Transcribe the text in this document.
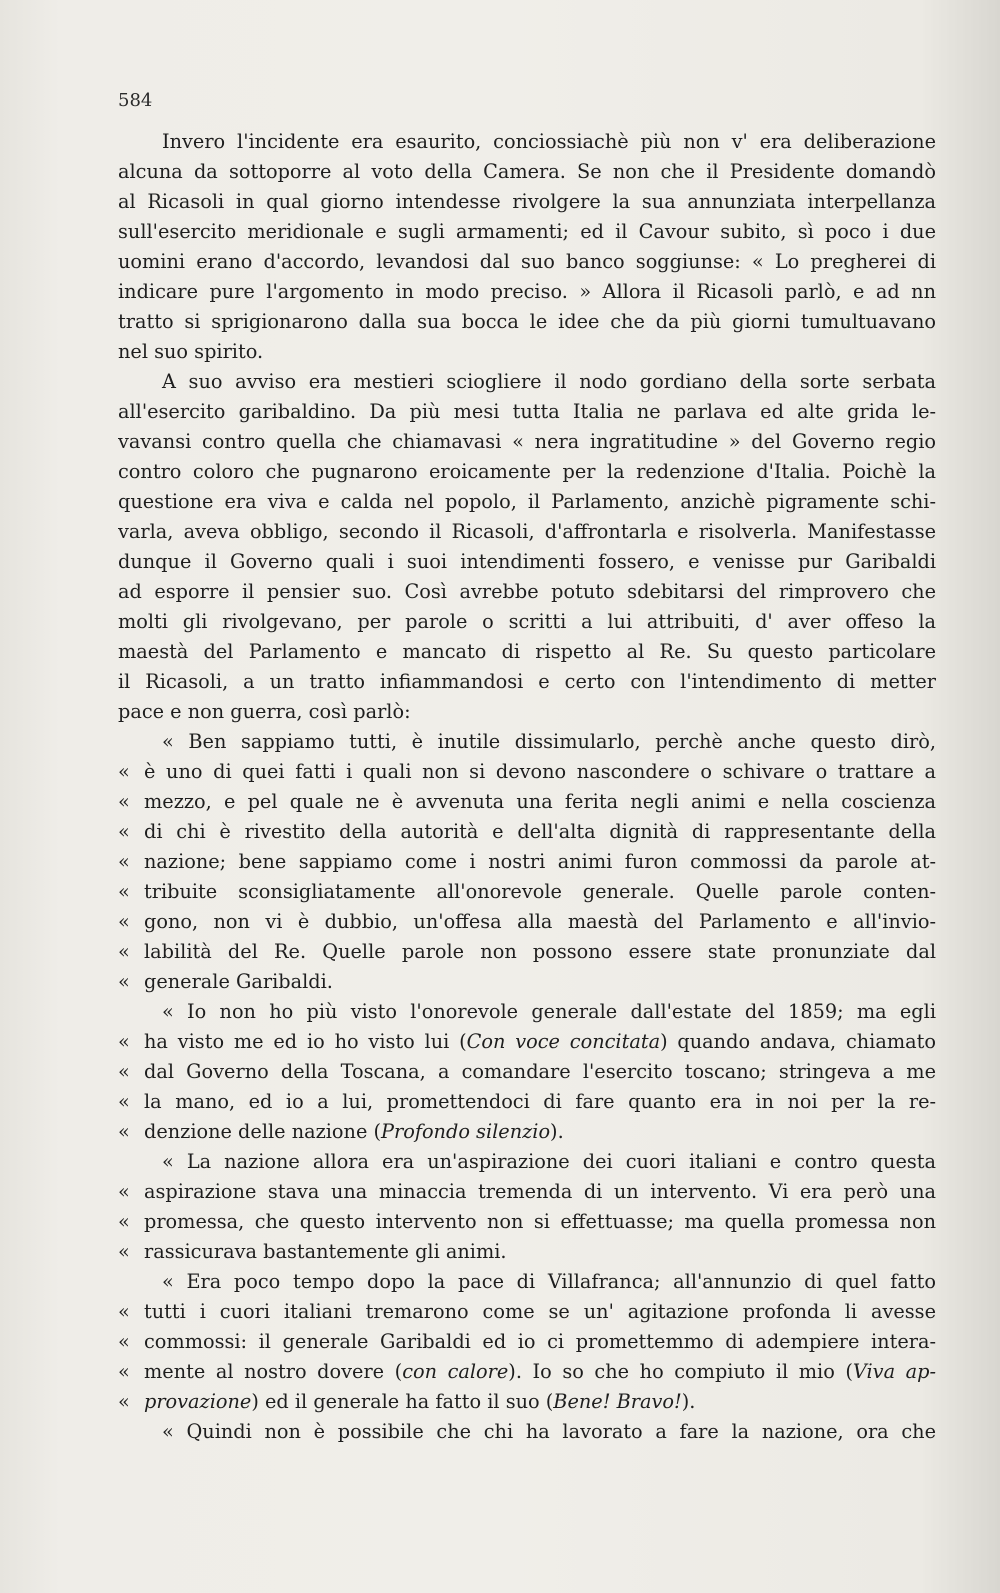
584
Invero l'incidente era esaurito, conciossiachè più non v' era deliberazione
alcuna da sottoporre al voto della Camera. Se non che il Presidente domandò
al Ricasoli in qual giorno intendesse rivolgere la sua annunziata interpellanza
sull'esercito meridionale e sugli armamenti; ed il Cavour subito, sì poco i due
uomini erano d'accordo, levandosi dal suo banco soggiunse: « Lo pregherei di
indicare pure l'argomento in modo preciso. » Allora il Ricasoli parlò, e ad nn
tratto si sprigionarono dalla sua bocca le idee che da più giorni tumultuavano
nel suo spirito.
A suo avviso era mestieri sciogliere il nodo gordiano della sorte serbata
all'esercito garibaldino. Da più mesi tutta Italia ne parlava ed alte grida le-
vavansi contro quella che chiamavasi « nera ingratitudine » del Governo regio
contro coloro che pugnarono eroicamente per la redenzione d'Italia. Poichè la
questione era viva e calda nel popolo, il Parlamento, anzichè pigramente schi-
varla, aveva obbligo, secondo il Ricasoli, d'affrontarla e risolverla. Manifestasse
dunque il Governo quali i suoi intendimenti fossero, e venisse pur Garibaldi
ad esporre il pensier suo. Così avrebbe potuto sdebitarsi del rimprovero che
molti gli rivolgevano, per parole o scritti a lui attribuiti, d' aver offeso la
maestà del Parlamento e mancato di rispetto al Re. Su questo particolare
il Ricasoli, a un tratto infiammandosi e certo con l'intendimento di metter
pace e non guerra, così parlò:
« Ben sappiamo tutti, è inutile dissimularlo, perchè anche questo dirò,
« è uno di quei fatti i quali non si devono nascondere o schivare o trattare a
« mezzo, e pel quale ne è avvenuta una ferita negli animi e nella coscienza
« di chi è rivestito della autorità e dell'alta dignità di rappresentante della
« nazione; bene sappiamo come i nostri animi furon commossi da parole at-
« tribuite sconsigliatamente all'onorevole generale. Quelle parole conten-
« gono, non vi è dubbio, un'offesa alla maestà del Parlamento e all'invio-
« labilità del Re. Quelle parole non possono essere state pronunziate dal
« generale Garibaldi.
« Io non ho più visto l'onorevole generale dall'estate del 1859; ma egli
« ha visto me ed io ho visto lui (Con voce concitata) quando andava, chiamato
« dal Governo della Toscana, a comandare l'esercito toscano; stringeva a me
« la mano, ed io a lui, promettendoci di fare quanto era in noi per la re-
« denzione delle nazione (Profondo silenzio).
« La nazione allora era un'aspirazione dei cuori italiani e contro questa
« aspirazione stava una minaccia tremenda di un intervento. Vi era però una
« promessa, che questo intervento non si effettuasse; ma quella promessa non
« rassicurava bastantemente gli animi.
« Era poco tempo dopo la pace di Villafranca; all'annunzio di quel fatto
« tutti i cuori italiani tremarono come se un' agitazione profonda li avesse
« commossi: il generale Garibaldi ed io ci promettemmo di adempiere intera-
« mente al nostro dovere (con calore). Io so che ho compiuto il mio (Viva ap-
« provazione) ed il generale ha fatto il suo (Bene! Bravo!).
« Quindi non è possibile che chi ha lavorato a fare la nazione, ora che
